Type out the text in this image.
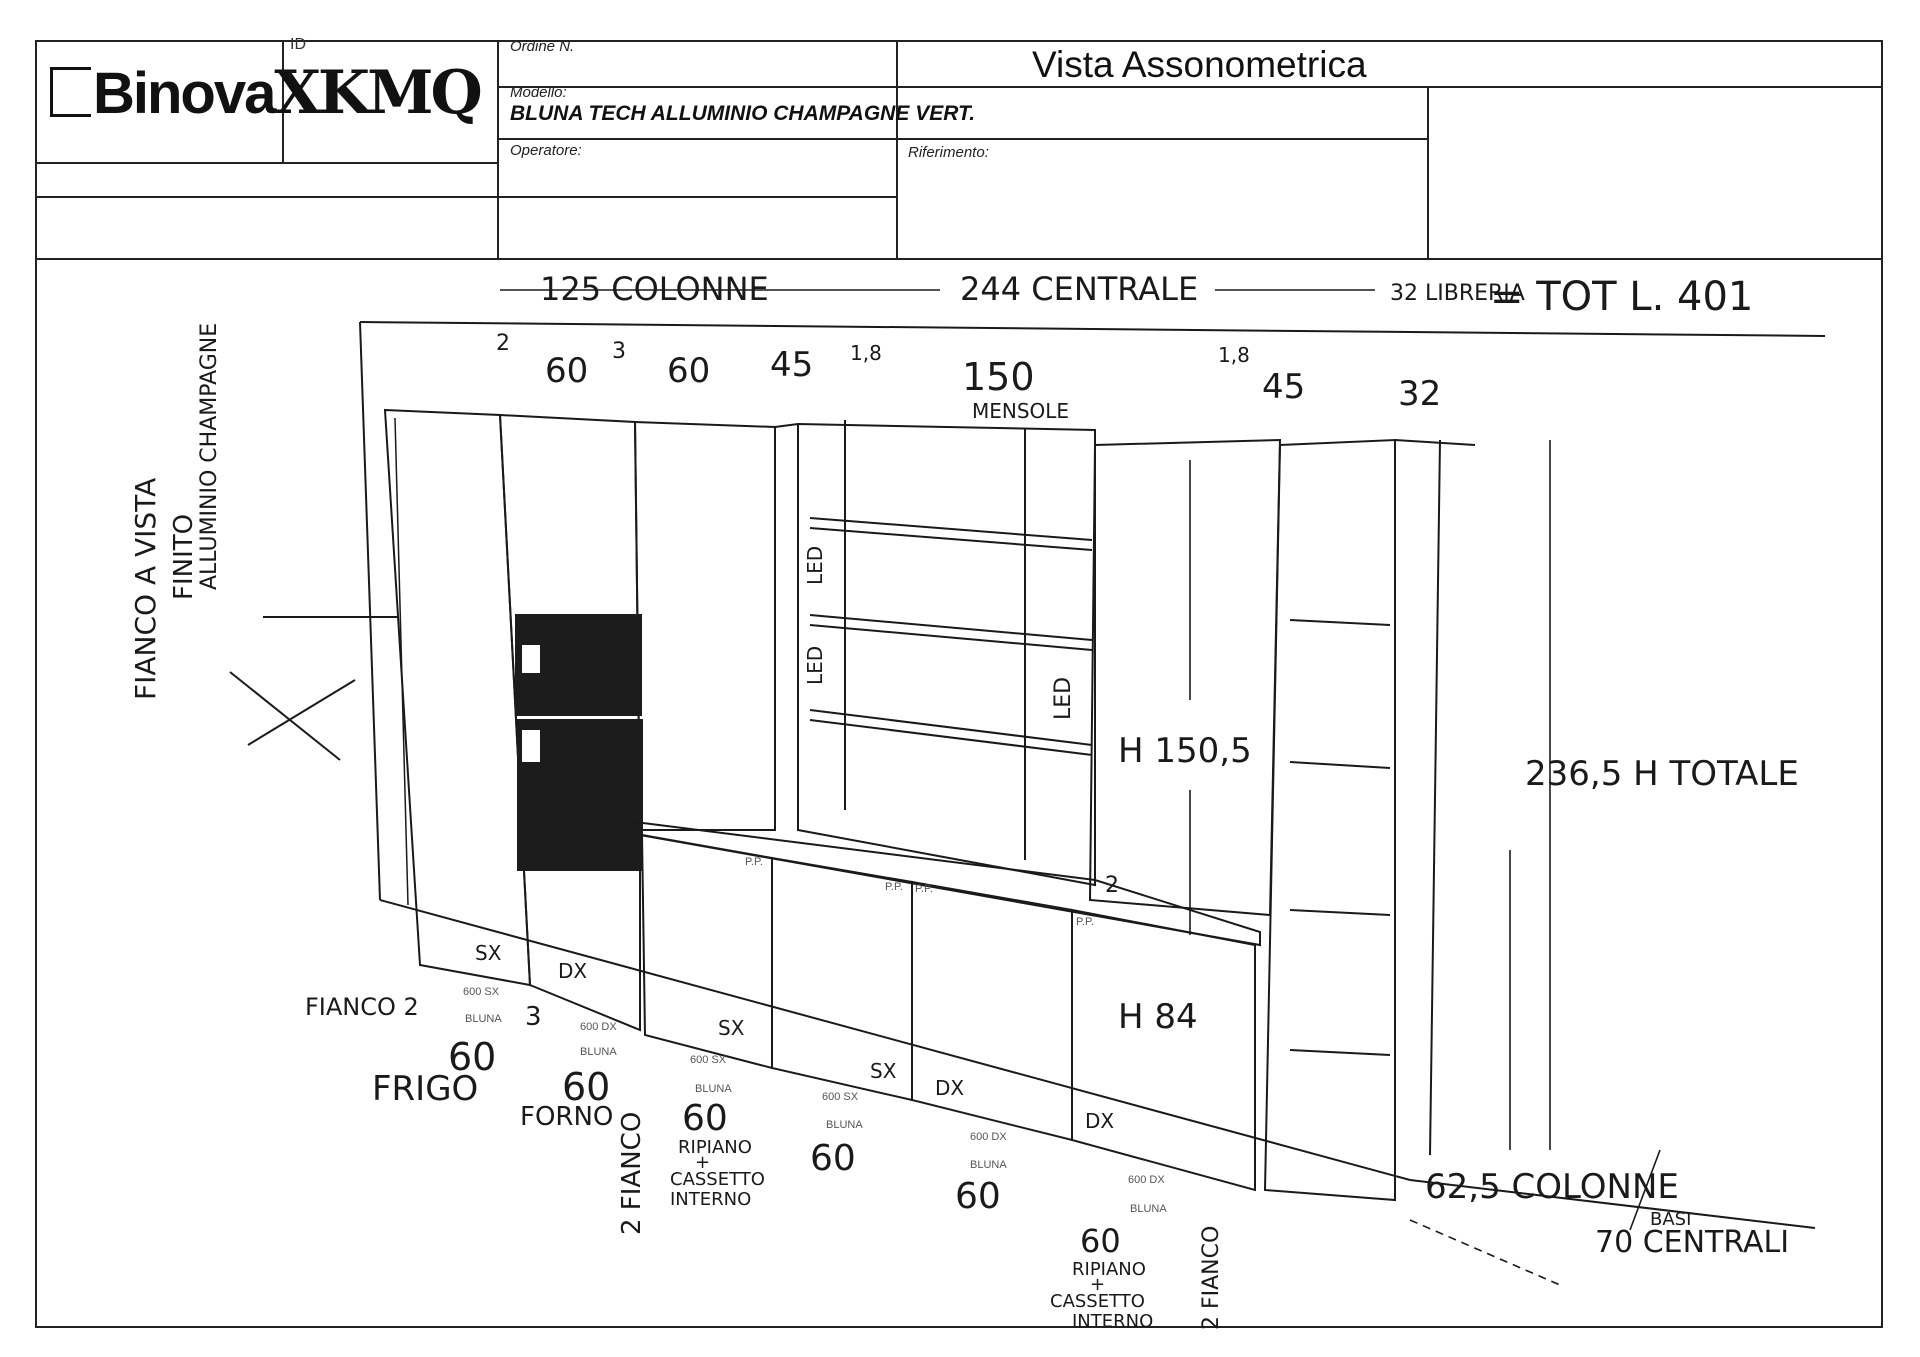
BinovaXKMQ
ID	Ordine N.	Vista Assonometrica
Modello:
BLUNA TECH ALLUMINIO CHAMPAGNE VERT.
Operatore:	Riferimento:
125 COLONNE	244 CENTRALE	32 LIBRERIA
= TOT L. 401
2
60 3 60 45 1,8
150
MENSOLE
1,8
45	32
FIANCO A VISTA FINITO
ALLUMINIO CHAMPAGNE	LED
LED
LED
H 150,5
236,5 H TOTALE
H 84
2
FIANCO 2
60
FRIGO
3
60
FORNO 2 FIANCO 60
RIPIANO
+
CASSETTO
INTERNO
60
60
60
RIPIANO
+
CASSETTO
INTERNO 2 FIANCO
62,5 COLONNE
BASI
70 CENTRALI
SX
DX
SX
SX
DX
DX
600 SX
BLUNA
600 DX
BLUNA
600 SX
BLUNA
600 SX
BLUNA
600 DX
BLUNA
600 DX
BLUNA
P.P.
P.P. P.P.
P.P.
